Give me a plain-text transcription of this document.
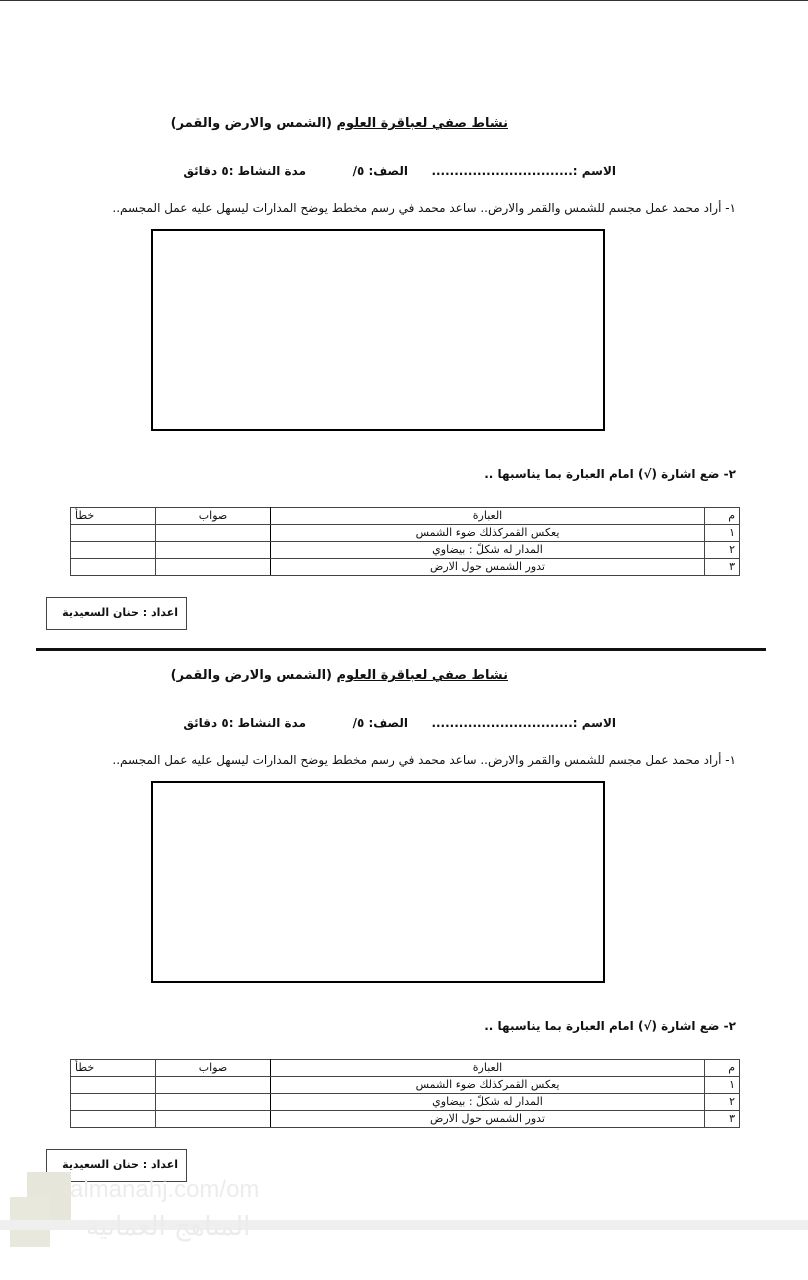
نشاط صفي لعباقرة العلوم (الشمس والارض والقمر)
الاسم :...............................
الصف: ٥/
مدة النشاط :٥ دقائق
١- أراد محمد عمل مجسم للشمس والقمر والارض.. ساعد محمد في رسم مخطط يوضح المدارات ليسهل عليه عمل المجسم..
٢- ضع اشارة (√) امام العبارة بما يناسبها ..
م	العبارة	صواب	خطأ
١	يعكس القمركذلك ضوء الشمس		
٢	المدار له شكلً : بيضاوي		
٣	تدور الشمس حول الارض		
اعداد : حنان السعيدية
نشاط صفي لعباقرة العلوم (الشمس والارض والقمر)
الاسم :...............................
الصف: ٥/
مدة النشاط :٥ دقائق
١- أراد محمد عمل مجسم للشمس والقمر والارض.. ساعد محمد في رسم مخطط يوضح المدارات ليسهل عليه عمل المجسم..
٢- ضع اشارة (√) امام العبارة بما يناسبها ..
م	العبارة	صواب	خطأ
١	يعكس القمركذلك ضوء الشمس		
٢	المدار له شكلً : بيضاوي		
٣	تدور الشمس حول الارض		
اعداد : حنان السعيدية
almanahj.com/om
المناهج العمانية
